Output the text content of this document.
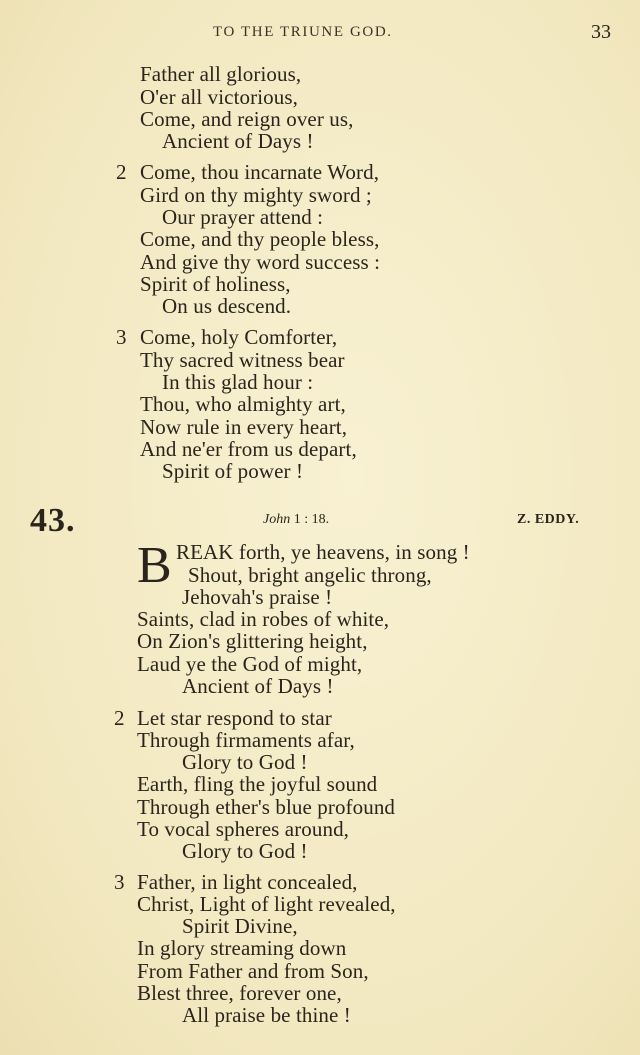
TO THE TRIUNE GOD.	33
Father all glorious,
O'er all victorious,
Come, and reign over us,
Ancient of Days !
2 Come, thou incarnate Word,
Gird on thy mighty sword ;
Our prayer attend :
Come, and thy people bless,
And give thy word success :
Spirit of holiness,
On us descend.
3 Come, holy Comforter,
Thy sacred witness bear
In this glad hour :
Thou, who almighty art,
Now rule in every heart,
And ne'er from us depart,
Spirit of power !
43.	John 1 : 18.	Z. EDDY.
B REAK forth, ye heavens, in song !
Shout, bright angelic throng,
Jehovah's praise !
Saints, clad in robes of white,
On Zion's glittering height,
Laud ye the God of might,
Ancient of Days !
2 Let star respond to star
Through firmaments afar,
Glory to God !
Earth, fling the joyful sound
Through ether's blue profound
To vocal spheres around,
Glory to God !
3 Father, in light concealed,
Christ, Light of light revealed,
Spirit Divine,
In glory streaming down
From Father and from Son,
Blest three, forever one,
All praise be thine !
